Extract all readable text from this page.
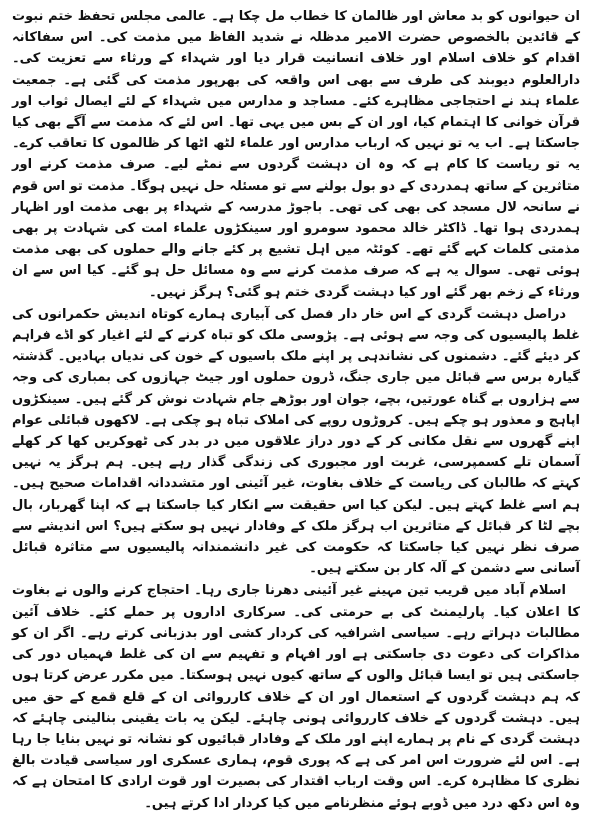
ان حیوانوں کو بد معاش اور ظالمان کا خطاب مل چکا ہے۔ عالمی مجلس تحفظ ختم نبوت کے قائدین بالخصوص حضرت الامیر مدظلہ نے شدید الفاظ میں مذمت کی۔ اس سفاکانہ اقدام کو خلاف اسلام اور خلاف انسانیت قرار دیا اور شہداء کے ورثاء سے تعزیت کی۔ دارالعلوم دیوبند کی طرف سے بھی اس واقعہ کی بھرپور مذمت کی گئی ہے۔ جمعیت علماء ہند نے احتجاجی مظاہرے کئے۔ مساجد و مدارس میں شہداء کے لئے ایصال ثواب اور قرآن خوانی کا اہتمام کیا، اور ان کے بس میں یہی تھا۔ اس لئے کہ مذمت سے آگے بھی کیا جاسکتا ہے۔ اب یہ تو نہیں کہ ارباب مدارس اور علماء لٹھ اٹھا کر ظالموں کا تعاقب کرے۔ یہ تو ریاست کا کام ہے کہ وہ ان دہشت گردوں سے نمٹے لیے۔ صرف مذمت کرنے اور متاثرین کے ساتھ ہمدردی کے دو بول بولنے سے تو مسئلہ حل نہیں ہوگا۔ مذمت تو اس قوم نے سانحہ لال مسجد کی بھی کی تھی۔ باجوڑ مدرسہ کے شہداء پر بھی مذمت اور اظہار ہمدردی ہوا تھا۔ ڈاکٹر خالد محمود سومرو اور سینکڑوں علماء امت کی شہادت پر بھی مذمتی کلمات کہے گئے تھے۔ کوئٹہ میں اہل تشیع پر کئے جانے والے حملوں کی بھی مذمت ہوئی تھی۔ سوال یہ ہے کہ صرف مذمت کرنے سے وہ مسائل حل ہو گئے۔ کیا اس سے ان ورثاء کے زخم بھر گئے اور کیا دہشت گردی ختم ہو گئی؟ ہرگز نہیں۔

دراصل دہشت گردی کے اس خار دار فصل کی آبیاری ہمارے کوتاہ اندیش حکمرانوں کی غلط پالیسیوں کی وجہ سے ہوئی ہے۔ پڑوسی ملک کو تباہ کرنے کے لئے اغیار کو اڈے فراہم کر دیئے گئے۔ دشمنوں کی نشاندہی پر اپنے ملک باسیوں کے خون کی ندیاں بہادیں۔ گذشتہ گیارہ برس سے قبائل میں جاری جنگ، ڈرون حملوں اور جیٹ جہازوں کی بمباری کی وجہ سے ہزاروں بے گناہ عورتیں، بچے، جوان اور بوڑھے جام شہادت نوش کر گئے ہیں۔ سینکڑوں اپاہج و معذور ہو چکے ہیں۔ کروڑوں روپے کی املاک تباہ ہو چکی ہے۔ لاکھوں قبائلی عوام اپنے گھروں سے نقل مکانی کر کے دور دراز علاقوں میں در بدر کی ٹھوکریں کھا کر کھلے آسمان تلے کسمپرسی، غربت اور مجبوری کی زندگی گذار رہے ہیں۔ ہم ہرگز یہ نہیں کہتے کہ طالبان کی ریاست کے خلاف بغاوت، غیر آئینی اور متشددانہ اقدامات صحیح ہیں۔ ہم اسے غلط کہتے ہیں۔ لیکن کیا اس حقیقت سے انکار کیا جاسکتا ہے کہ اپنا گھربار، بال بچے لٹا کر قبائل کے متاثرین اب ہرگز ملک کے وفادار نہیں ہو سکتے ہیں؟ اس اندیشے سے صرف نظر نہیں کیا جاسکتا کہ حکومت کی غیر دانشمندانہ پالیسیوں سے متاثرہ قبائل آسانی سے دشمن کے آلہ کار بن سکتے ہیں۔

اسلام آباد میں قریب تین مہینے غیر آئینی دھرنا جاری رہا۔ احتجاج کرنے والوں نے بغاوت کا اعلان کیا۔ پارلیمنٹ کی بے حرمتی کی۔ سرکاری اداروں پر حملے کئے۔ خلاف آئین مطالبات دہراتے رہے۔ سیاسی اشرافیہ کی کردار کشی اور بدزبانی کرتے رہے۔ اگر ان کو مذاکرات کی دعوت دی جاسکتی ہے اور افہام و تفہیم سے ان کی غلط فہمیاں دور کی جاسکتی ہیں تو ایسا قبائل والوں کے ساتھ کیوں نہیں ہوسکتا۔ میں مکرر عرض کرتا ہوں کہ ہم دہشت گردوں کے استعمال اور ان کے خلاف کارروائی ان کے قلع قمع کے حق میں ہیں۔ دہشت گردوں کے خلاف کارروائی ہونی چاہئے۔ لیکن یہ بات یقینی بنالینی چاہئے کہ دہشت گردی کے نام پر ہمارے اپنے اور ملک کے وفادار قبائیوں کو نشانہ تو نہیں بنایا جا رہا ہے۔ اس لئے ضرورت اس امر کی ہے کہ پوری قوم، ہماری عسکری اور سیاسی قیادت بالغ نظری کا مظاہرہ کرے۔ اس وقت ارباب اقتدار کی بصیرت اور قوت ارادی کا امتحان ہے کہ وہ اس دکھ درد میں ڈوبے ہوئے منظرنامے میں کیا کردار ادا کرتے ہیں۔
